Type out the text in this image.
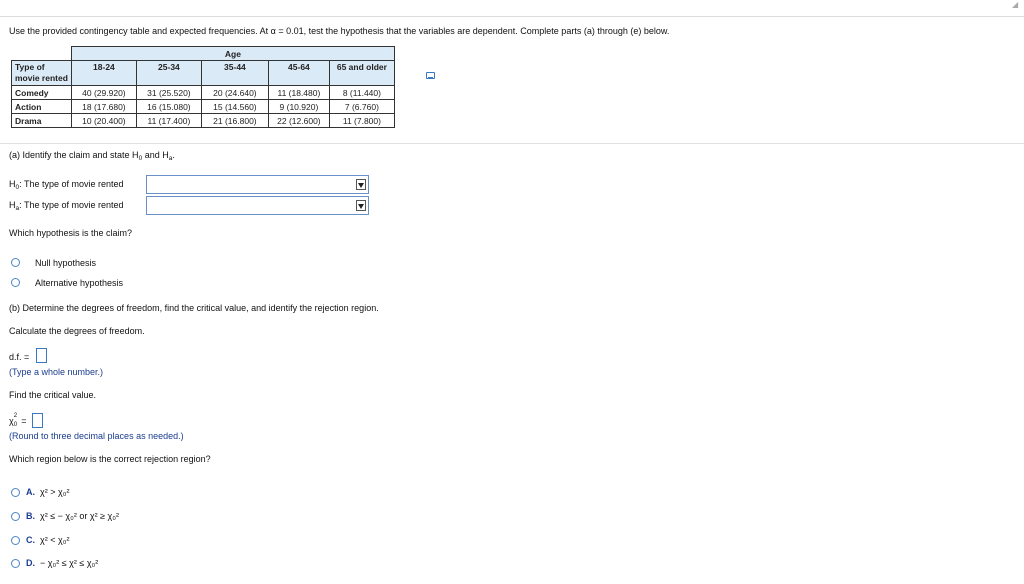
◢
Use the provided contingency table and expected frequencies. At α = 0.01, test the hypothesis that the variables are dependent. Complete parts (a) through (e) below.
	Age				
Type of
movie rented	18-24	25-34	35-44	45-64	65 and older
Comedy	40 (29.920)	31 (25.520)	20 (24.640)	11 (18.480)	8 (11.440)
Action	18 (17.680)	16 (15.080)	15 (14.560)	9 (10.920)	7 (6.760)
Drama	10 (20.400)	11 (17.400)	21 (16.800)	22 (12.600)	11 (7.800)
(a) Identify the claim and state $H_0$ and $H_a$.
$H_0$: The type of movie rented
$H_a$: The type of movie rented
Which hypothesis is the claim?
Null hypothesis
Alternative hypothesis
(b) Determine the degrees of freedom, find the critical value, and identify the rejection region.
Calculate the degrees of freedom.
d.f. =
(Type a whole number.)
Find the critical value.
χ 2
0 =
(Round to three decimal places as needed.)
Which region below is the correct rejection region?
A. χ² > χ₀²
B. χ² ≤ − χ₀² or χ² ≥ χ₀²
C. χ² < χ₀²
D. − χ₀² ≤ χ² ≤ χ₀²
